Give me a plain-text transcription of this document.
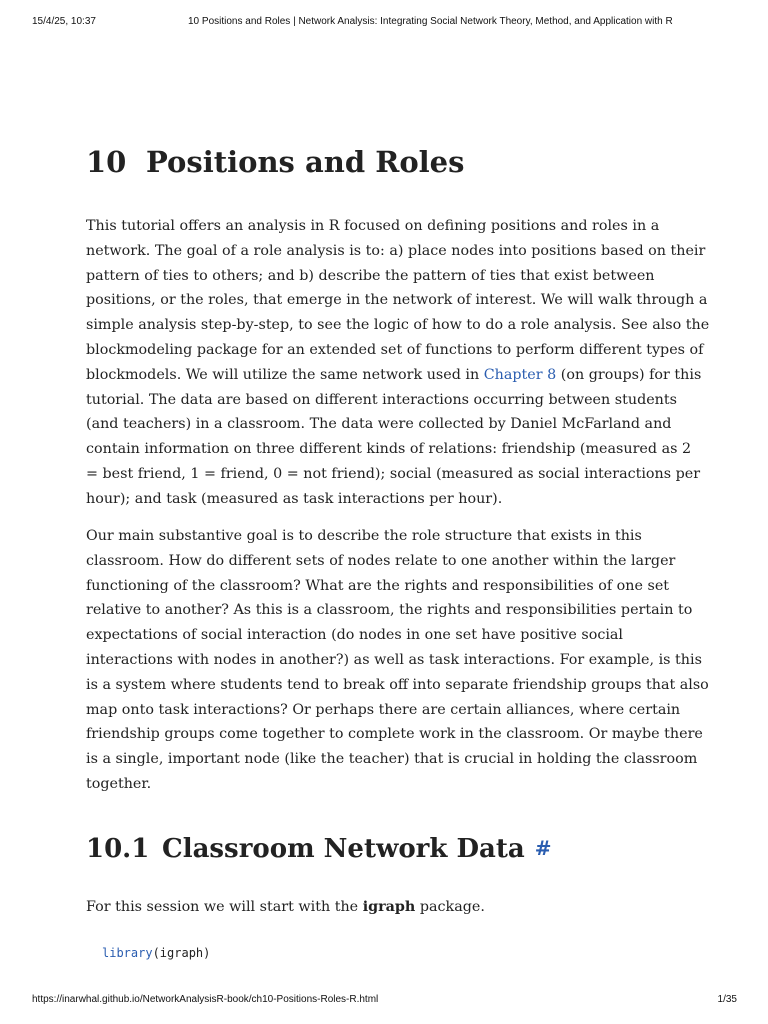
15/4/25, 10:37	10 Positions and Roles | Network Analysis: Integrating Social Network Theory, Method, and Application with R
10 Positions and Roles

This tutorial offers an analysis in R focused on defining positions and roles in a
network. The goal of a role analysis is to: a) place nodes into positions based on their
pattern of ties to others; and b) describe the pattern of ties that exist between
positions, or the roles, that emerge in the network of interest. We will walk through a
simple analysis step-by-step, to see the logic of how to do a role analysis. See also the
blockmodeling package for an extended set of functions to perform different types of
blockmodels. We will utilize the same network used in Chapter 8 (on groups) for this
tutorial. The data are based on different interactions occurring between students
(and teachers) in a classroom. The data were collected by Daniel McFarland and
contain information on three different kinds of relations: friendship (measured as 2
= best friend, 1 = friend, 0 = not friend); social (measured as social interactions per
hour); and task (measured as task interactions per hour).

Our main substantive goal is to describe the role structure that exists in this
classroom. How do different sets of nodes relate to one another within the larger
functioning of the classroom? What are the rights and responsibilities of one set
relative to another? As this is a classroom, the rights and responsibilities pertain to
expectations of social interaction (do nodes in one set have positive social
interactions with nodes in another?) as well as task interactions. For example, is this
is a system where students tend to break off into separate friendship groups that also
map onto task interactions? Or perhaps there are certain alliances, where certain
friendship groups come together to complete work in the classroom. Or maybe there
is a single, important node (like the teacher) that is crucial in holding the classroom
together.

10.1 Classroom Network Data #

For this session we will start with the igraph package.

library(igraph)
https://inarwhal.github.io/NetworkAnalysisR-book/ch10-Positions-Roles-R.html	1/35
